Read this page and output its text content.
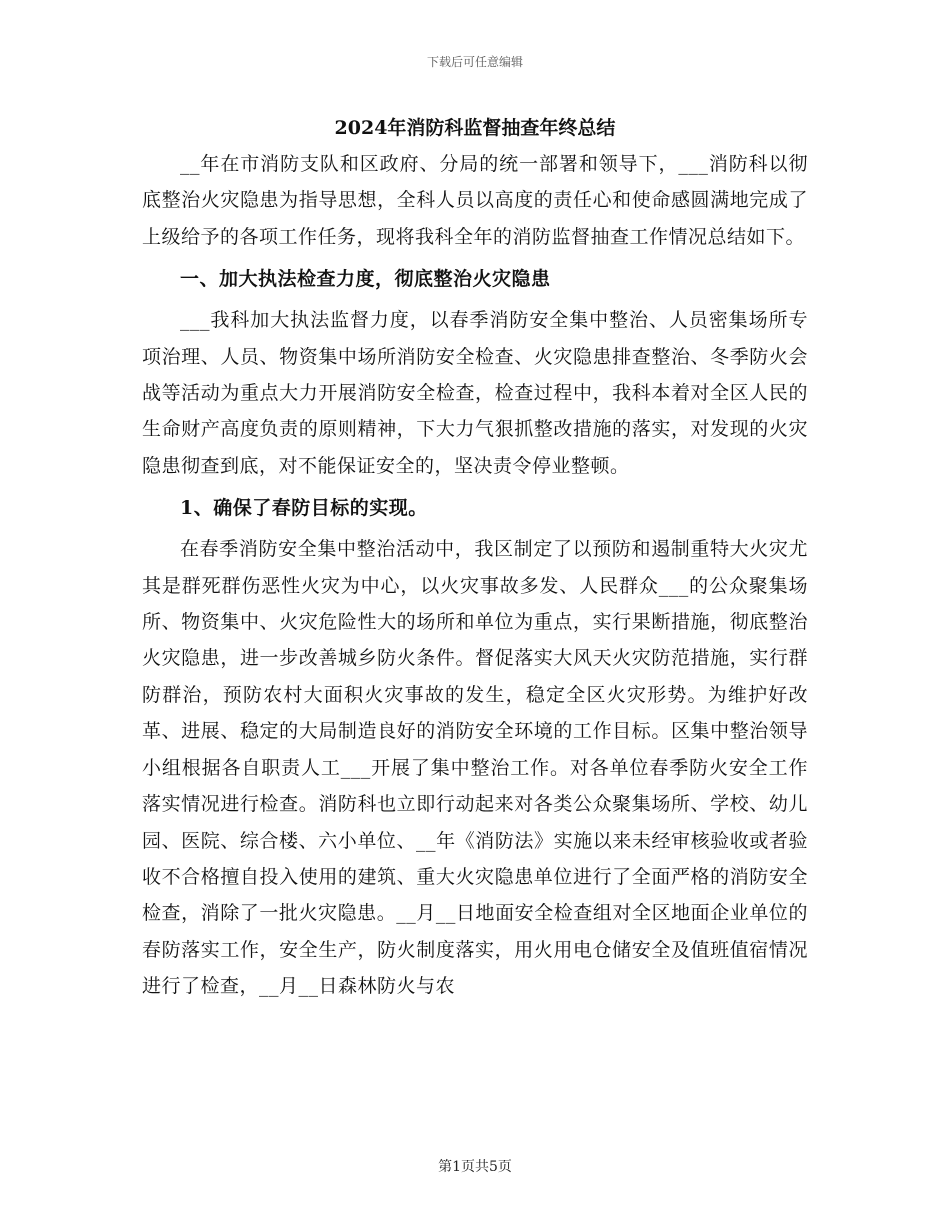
下载后可任意编辑
2024年消防科监督抽查年终总结

__年在市消防支队和区政府、分局的统一部署和领导下，___消防科以彻底整治火灾隐患为指导思想，全科人员以高度的责任心和使命感圆满地完成了上级给予的各项工作任务，现将我科全年的消防监督抽查工作情况总结如下。

一、加大执法检查力度，彻底整治火灾隐患

___我科加大执法监督力度，以春季消防安全集中整治、人员密集场所专项治理、人员、物资集中场所消防安全检查、火灾隐患排查整治、冬季防火会战等活动为重点大力开展消防安全检查，检查过程中，我科本着对全区人民的生命财产高度负责的原则精神，下大力气狠抓整改措施的落实，对发现的火灾隐患彻查到底，对不能保证安全的，坚决责令停业整顿。

1、确保了春防目标的实现。

在春季消防安全集中整治活动中，我区制定了以预防和遏制重特大火灾尤其是群死群伤恶性火灾为中心，以火灾事故多发、人民群众___的公众聚集场所、物资集中、火灾危险性大的场所和单位为重点，实行果断措施，彻底整治火灾隐患，进一步改善城乡防火条件。督促落实大风天火灾防范措施，实行群防群治，预防农村大面积火灾事故的发生，稳定全区火灾形势。为维护好改革、进展、稳定的大局制造良好的消防安全环境的工作目标。区集中整治领导小组根据各自职责人工___开展了集中整治工作。对各单位春季防火安全工作落实情况进行检查。消防科也立即行动起来对各类公众聚集场所、学校、幼儿园、医院、综合楼、六小单位、__年《消防法》实施以来未经审核验收或者验收不合格擅自投入使用的建筑、重大火灾隐患单位进行了全面严格的消防安全检查，消除了一批火灾隐患。__月__日地面安全检查组对全区地面企业单位的春防落实工作，安全生产，防火制度落实，用火用电仓储安全及值班值宿情况进行了检查，__月__日森林防火与农

第1页共5页
